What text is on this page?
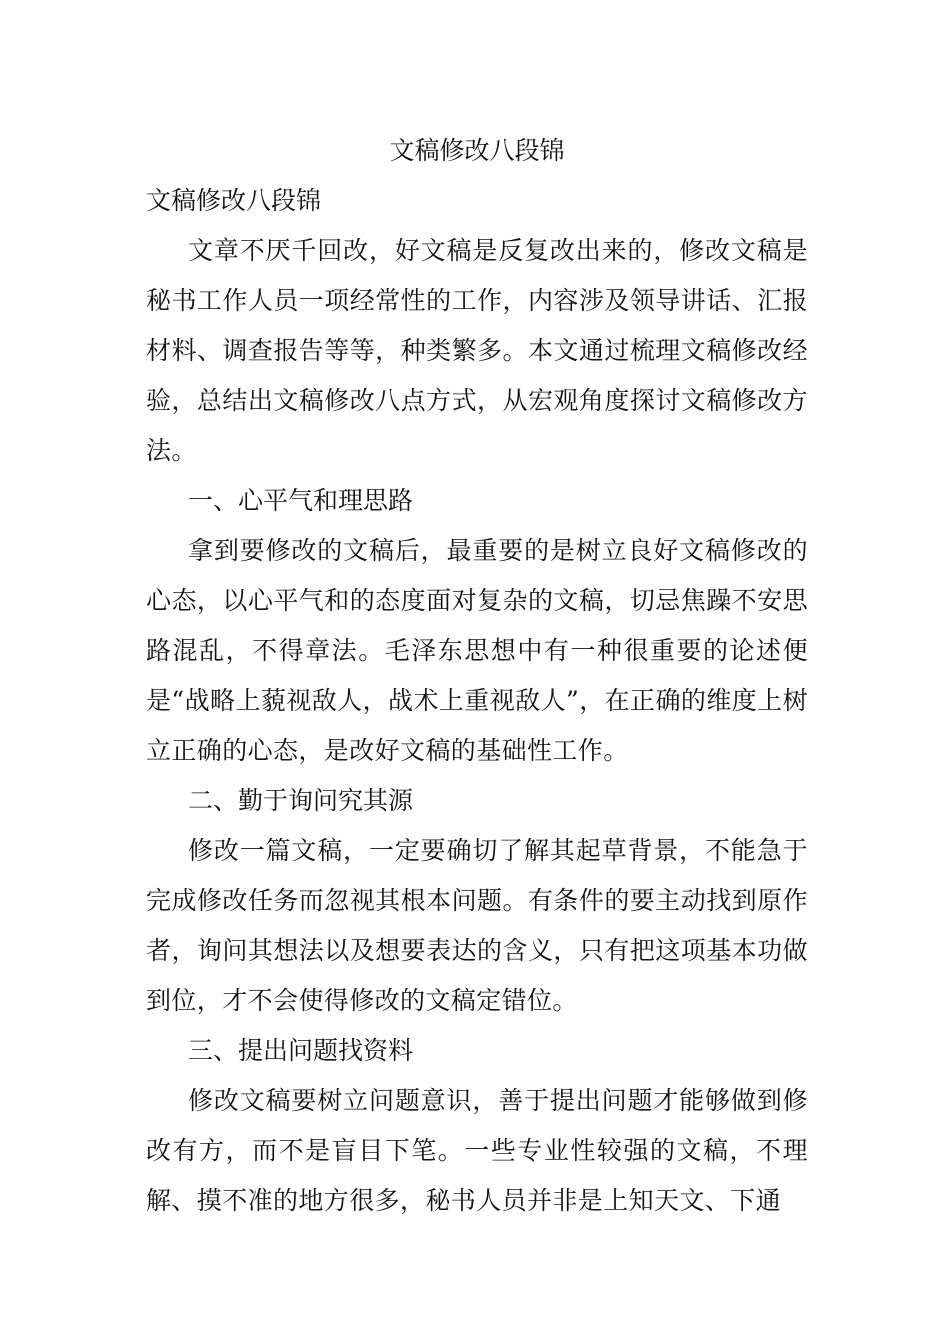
文稿修改八段锦

文稿修改八段锦

文章不厌千回改，好文稿是反复改出来的，修改文稿是秘书工作人员一项经常性的工作，内容涉及领导讲话、汇报材料、调查报告等等，种类繁多。本文通过梳理文稿修改经验，总结出文稿修改八点方式，从宏观角度探讨文稿修改方法。

一、心平气和理思路

拿到要修改的文稿后，最重要的是树立良好文稿修改的心态，以心平气和的态度面对复杂的文稿，切忌焦躁不安思路混乱，不得章法。毛泽东思想中有一种很重要的论述便是“战略上藐视敌人，战术上重视敌人”，在正确的维度上树立正确的心态，是改好文稿的基础性工作。

二、勤于询问究其源

修改一篇文稿，一定要确切了解其起草背景，不能急于完成修改任务而忽视其根本问题。有条件的要主动找到原作者，询问其想法以及想要表达的含义，只有把这项基本功做到位，才不会使得修改的文稿定错位。

三、提出问题找资料

修改文稿要树立问题意识，善于提出问题才能够做到修改有方，而不是盲目下笔。一些专业性较强的文稿，不理解、摸不准的地方很多，秘书人员并非是上知天文、下通
